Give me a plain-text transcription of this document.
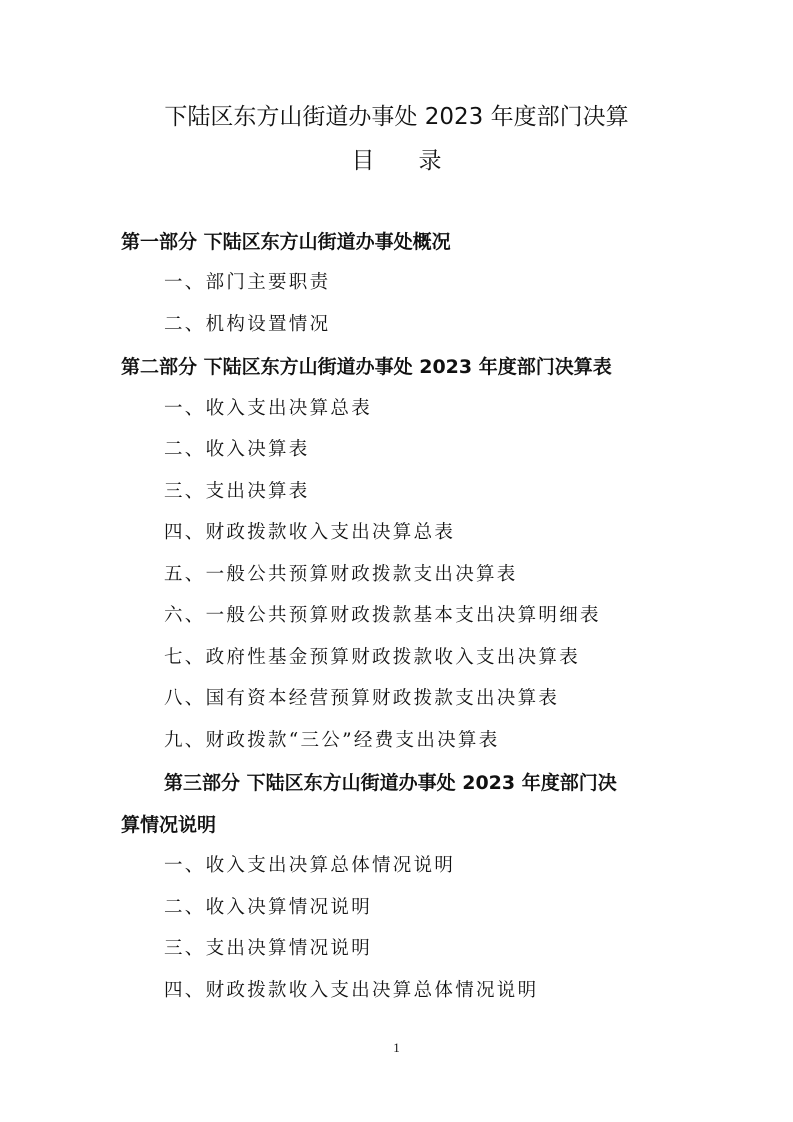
下陆区东方山街道办事处 2023 年度部门决算
目 录
第一部分 下陆区东方山街道办事处概况
一、部门主要职责
二、机构设置情况
第二部分 下陆区东方山街道办事处 2023 年度部门决算表
一、收入支出决算总表
二、收入决算表
三、支出决算表
四、财政拨款收入支出决算总表
五、一般公共预算财政拨款支出决算表
六、一般公共预算财政拨款基本支出决算明细表
七、政府性基金预算财政拨款收入支出决算表
八、国有资本经营预算财政拨款支出决算表
九、财政拨款“三公”经费支出决算表
第三部分 下陆区东方山街道办事处 2023 年度部门决
算情况说明
一、收入支出决算总体情况说明
二、收入决算情况说明
三、支出决算情况说明
四、财政拨款收入支出决算总体情况说明
1
